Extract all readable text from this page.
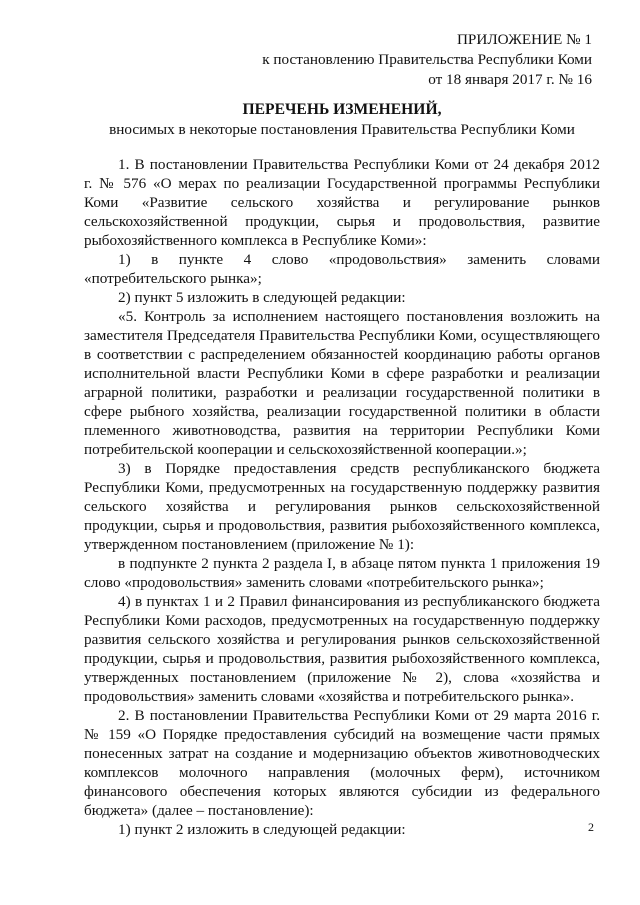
ПРИЛОЖЕНИЕ № 1
к постановлению Правительства Республики Коми
от 18 января 2017 г. № 16
ПЕРЕЧЕНЬ ИЗМЕНЕНИЙ,
вносимых в некоторые постановления Правительства Республики Коми

1. В постановлении Правительства Республики Коми от 24 декабря 2012 г. № 576 «О мерах по реализации Государственной программы Республики Коми «Развитие сельского хозяйства и регулирование рынков сельскохозяйственной продукции, сырья и продовольствия, развитие рыбохозяйственного комплекса в Республике Коми»:

1) в пункте 4 слово «продовольствия» заменить словами «потребительского рынка»;

2) пункт 5 изложить в следующей редакции:

«5. Контроль за исполнением настоящего постановления возложить на заместителя Председателя Правительства Республики Коми, осуществляющего в соответствии с распределением обязанностей координацию работы органов исполнительной власти Республики Коми в сфере разработки и реализации аграрной политики, разработки и реализации государственной политики в сфере рыбного хозяйства, реализации государственной политики в области племенного животноводства, развития на территории Республики Коми потребительской кооперации и сельскохозяйственной кооперации.»;

3) в Порядке предоставления средств республиканского бюджета Республики Коми, предусмотренных на государственную поддержку развития сельского хозяйства и регулирования рынков сельскохозяйственной продукции, сырья и продовольствия, развития рыбохозяйственного комплекса, утвержденном постановлением (приложение № 1):

в подпункте 2 пункта 2 раздела I, в абзаце пятом пункта 1 приложения 19 слово «продовольствия» заменить словами «потребительского рынка»;

4) в пунктах 1 и 2 Правил финансирования из республиканского бюджета Республики Коми расходов, предусмотренных на государственную поддержку развития сельского хозяйства и регулирования рынков сельскохозяйственной продукции, сырья и продовольствия, развития рыбохозяйственного комплекса, утвержденных постановлением (приложение № 2), слова «хозяйства и продовольствия» заменить словами «хозяйства и потребительского рынка».

2. В постановлении Правительства Республики Коми от 29 марта 2016 г. № 159 «О Порядке предоставления субсидий на возмещение части прямых понесенных затрат на создание и модернизацию объектов животноводческих комплексов молочного направления (молочных ферм), источником финансового обеспечения которых являются субсидии из федерального бюджета» (далее – постановление):

1) пункт 2 изложить в следующей редакции:	2
